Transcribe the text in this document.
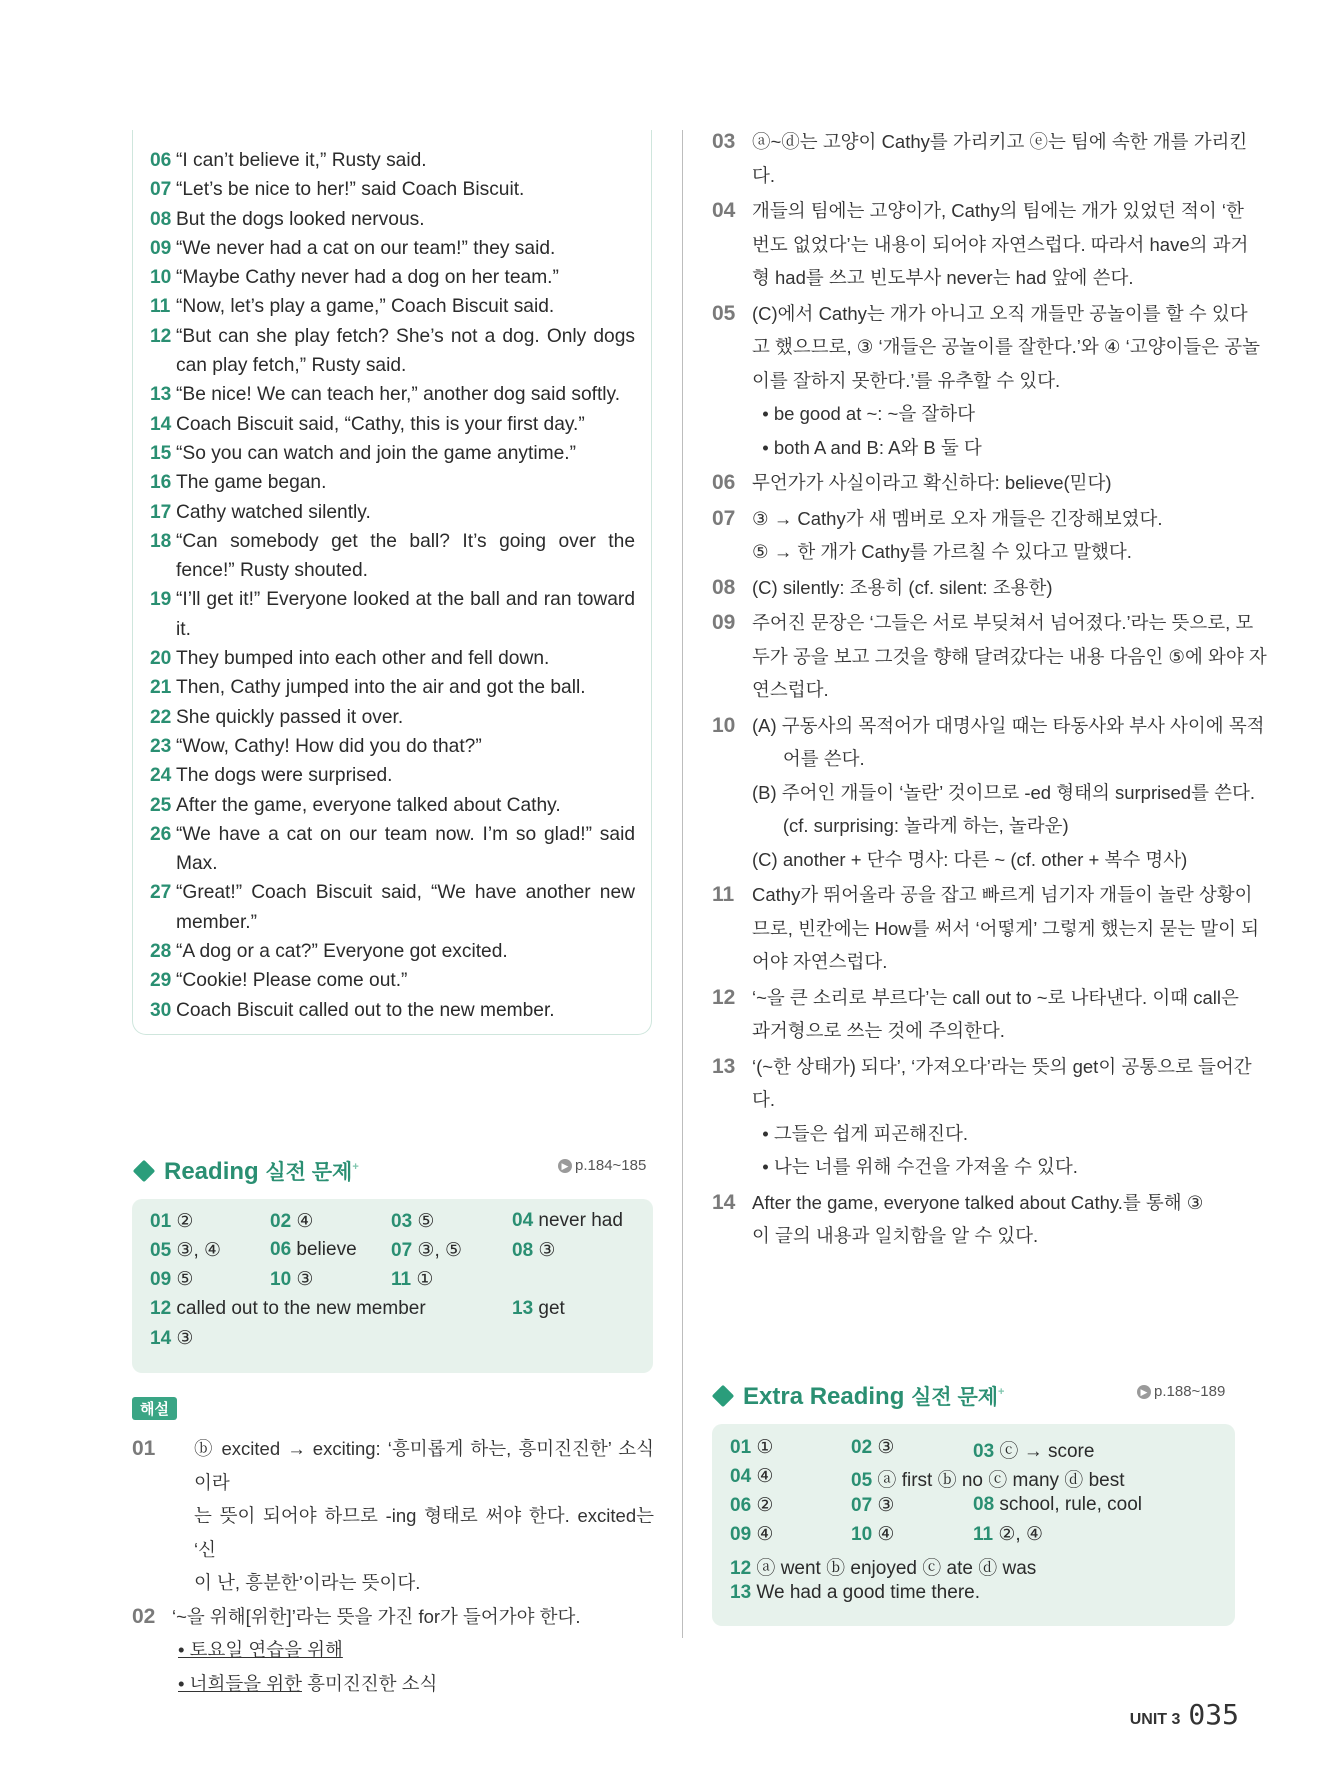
06 “I can’t believe it,” Rusty said.
07 “Let’s be nice to her!” said Coach Biscuit.
08 But the dogs looked nervous.
09 “We never had a cat on our team!” they said.
10 “Maybe Cathy never had a dog on her team.”
11 “Now, let’s play a game,” Coach Biscuit said.
12 “But can she play fetch? She’s not a dog. Only dogs can play fetch,” Rusty said.
13 “Be nice! We can teach her,” another dog said softly.
14 Coach Biscuit said, “Cathy, this is your first day.”
15 “So you can watch and join the game anytime.”
16 The game began.
17 Cathy watched silently.
18 “Can somebody get the ball? It’s going over the fence!” Rusty shouted.
19 “I’ll get it!” Everyone looked at the ball and ran toward it.
20 They bumped into each other and fell down.
21 Then, Cathy jumped into the air and got the ball.
22 She quickly passed it over.
23 “Wow, Cathy! How did you do that?”
24 The dogs were surprised.
25 After the game, everyone talked about Cathy.
26 “We have a cat on our team now. I’m so glad!” said Max.
27 “Great!” Coach Biscuit said, “We have another new member.”
28 “A dog or a cat?” Everyone got excited.
29 “Cookie! Please come out.”
30 Coach Biscuit called out to the new member.
Reading 실전 문제+	▶ p.184~185
01 ②	02 ④	03 ⑤	04 never had
05 ③, ④	06 believe 07 ③, ⑤	08 ③
09 ⑤	10 ③	11 ①
12 called out to the new member	13 get
14 ③
해설
01	ⓑ excited → exciting: ‘흥미롭게 하는, 흥미진진한’ 소식이라
는 뜻이 되어야 하므로 -ing 형태로 써야 한다. excited는 ‘신
이 난, 흥분한’이라는 뜻이다.
02 ‘~을 위해[위한]’라는 뜻을 가진 for가 들어가야 한다.
• 토요일 연습을 위해
• 너희들을 위한 흥미진진한 소식
03 ⓐ~ⓓ는 고양이 Cathy를 가리키고 ⓔ는 팀에 속한 개를 가리킨
다.
04 개들의 팀에는 고양이가, Cathy의 팀에는 개가 있었던 적이 ‘한
번도 없었다’는 내용이 되어야 자연스럽다. 따라서 have의 과거
형 had를 쓰고 빈도부사 never는 had 앞에 쓴다.
05 (C)에서 Cathy는 개가 아니고 오직 개들만 공놀이를 할 수 있다
고 했으므로, ③ ‘개들은 공놀이를 잘한다.’와 ④ ‘고양이들은 공놀
이를 잘하지 못한다.’를 유추할 수 있다.
• be good at ~: ~을 잘하다
• both A and B: A와 B 둘 다
06 무언가가 사실이라고 확신하다: believe(믿다)
07 ③ → Cathy가 새 멤버로 오자 개들은 긴장해보였다.
⑤ → 한 개가 Cathy를 가르칠 수 있다고 말했다.
08 (C) silently: 조용히 (cf. silent: 조용한)
09 주어진 문장은 ‘그들은 서로 부딪쳐서 넘어졌다.’라는 뜻으로, 모
두가 공을 보고 그것을 향해 달려갔다는 내용 다음인 ⑤에 와야 자
연스럽다.
10 (A) 구동사의 목적어가 대명사일 때는 타동사와 부사 사이에 목적
어를 쓴다.
(B) 주어인 개들이 ‘놀란’ 것이므로 -ed 형태의 surprised를 쓴다.
(cf. surprising: 놀라게 하는, 놀라운)
(C) another + 단수 명사: 다른 ~ (cf. other + 복수 명사)
11 Cathy가 뛰어올라 공을 잡고 빠르게 넘기자 개들이 놀란 상황이
므로, 빈칸에는 How를 써서 ‘어떻게’ 그렇게 했는지 묻는 말이 되
어야 자연스럽다.
12 ‘~을 큰 소리로 부르다’는 call out to ~로 나타낸다. 이때 call은
과거형으로 쓰는 것에 주의한다.
13 ‘(~한 상태가) 되다’, ‘가져오다’라는 뜻의 get이 공통으로 들어간
다.
• 그들은 쉽게 피곤해진다.
• 나는 너를 위해 수건을 가져올 수 있다.
14 After the game, everyone talked about Cathy.를 통해 ③
이 글의 내용과 일치함을 알 수 있다.
Extra Reading 실전 문제+	▶ p.188~189
01 ①	02 ③	03 ⓒ → score
04 ④	05 ⓐ first ⓑ no ⓒ many ⓓ best
06 ②	07 ③	08 school, rule, cool
09 ④	10 ④	11 ②, ④
12 ⓐ went ⓑ enjoyed ⓒ ate ⓓ was
13 We had a good time there.
UNIT 3 035
